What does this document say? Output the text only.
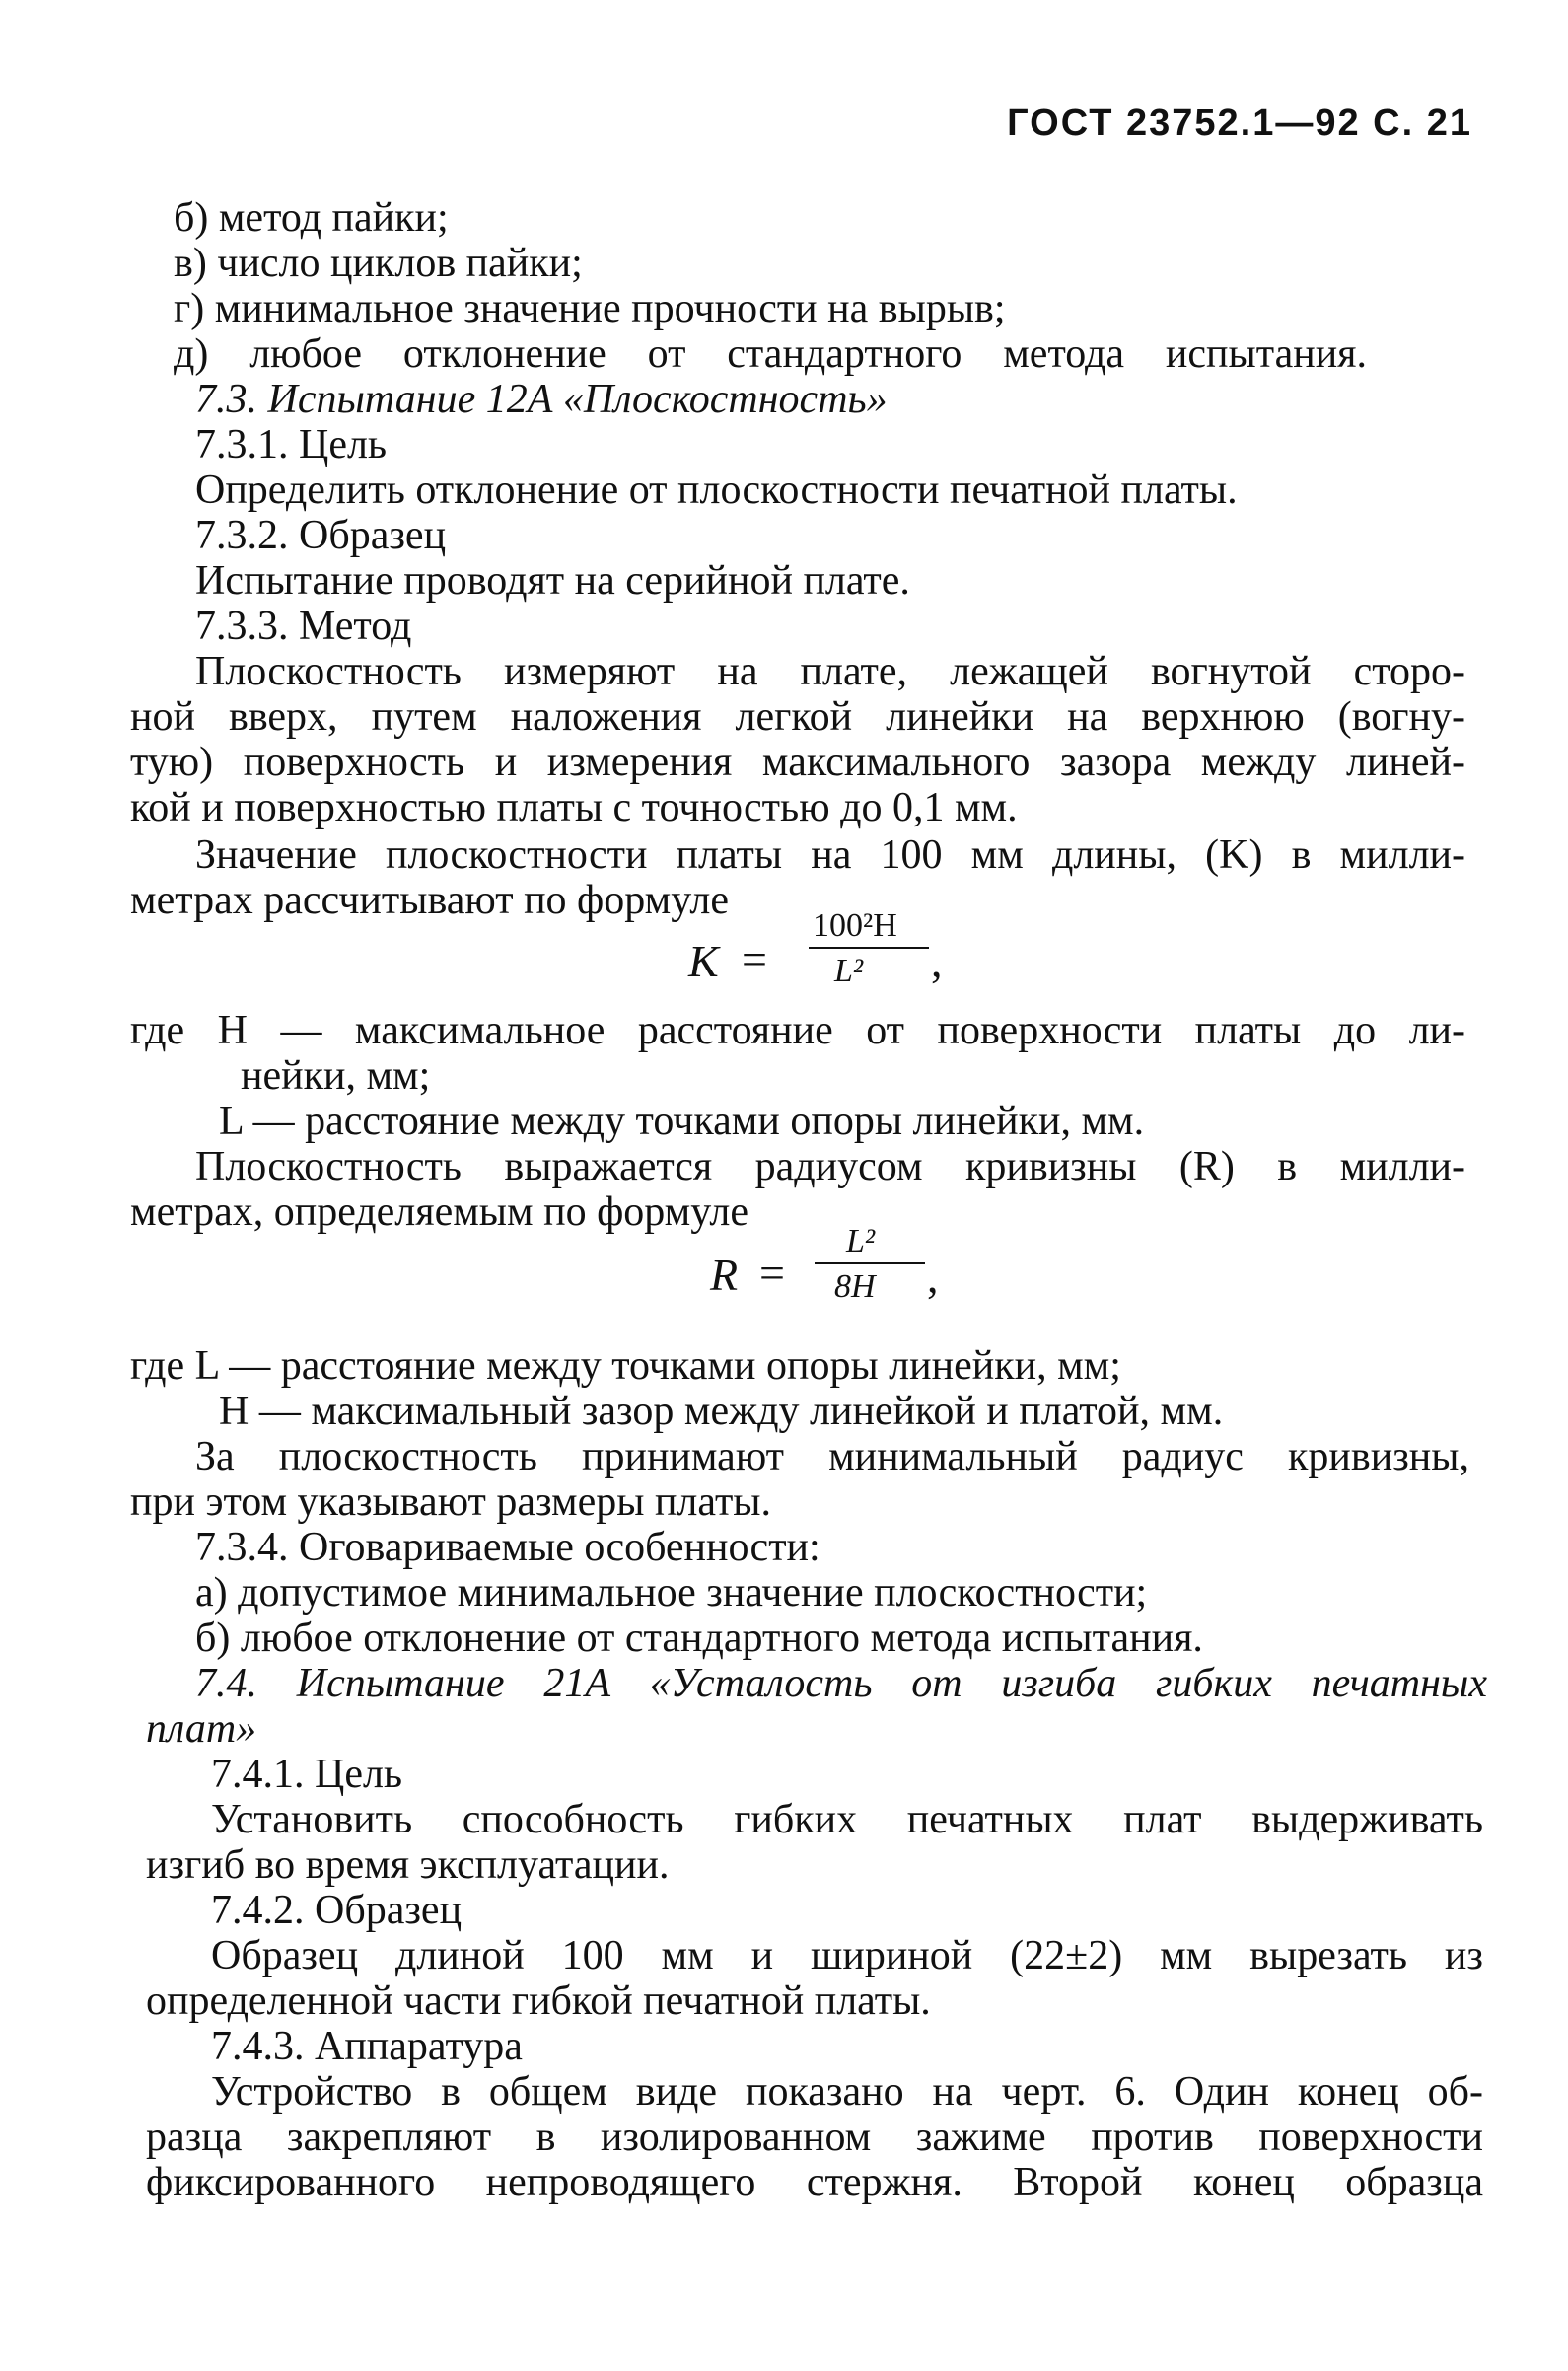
ГОСТ 23752.1—92 С. 21
б) метод пайки;
в) число циклов пайки;
г) минимальное значение прочности на вырыв;
д) любое отклонение от стандартного метода испытания.
7.3. Испытание 12А «Плоскостность»
7.3.1. Цель
Определить отклонение от плоскостности печатной платы.
7.3.2. Образец
Испытание проводят на серийной плате.
7.3.3. Метод
Плоскостность измеряют на плате, лежащей вогнутой сторо-
ной вверх, путем наложения легкой линейки на верхнюю (вогну-
тую) поверхность и измерения максимального зазора между линей-
кой и поверхностью платы с точностью до 0,1 мм.
Значение плоскостности платы на 100 мм длины, (K) в милли-
метрах рассчитывают по формуле
K =
100²H
L² ,
где H — максимальное расстояние от поверхности платы до ли-
нейки, мм;
L — расстояние между точками опоры линейки, мм.
Плоскостность выражается радиусом кривизны (R) в милли-
метрах, определяемым по формуле
R =
L²
8H ,
где L — расстояние между точками опоры линейки, мм;
H — максимальный зазор между линейкой и платой, мм.
За плоскостность принимают минимальный радиус кривизны,
при этом указывают размеры платы.
7.3.4. Оговариваемые особенности:
а) допустимое минимальное значение плоскостности;
б) любое отклонение от стандартного метода испытания.
7.4. Испытание 21А «Усталость от изгиба гибких печатных
плат»
7.4.1. Цель
Установить способность гибких печатных плат выдерживать
изгиб во время эксплуатации.
7.4.2. Образец
Образец длиной 100 мм и шириной (22±2) мм вырезать из
определенной части гибкой печатной платы.
7.4.3. Аппаратура
Устройство в общем виде показано на черт. 6. Один конец об-
разца закрепляют в изолированном зажиме против поверхности
фиксированного непроводящего стержня. Второй конец образца
